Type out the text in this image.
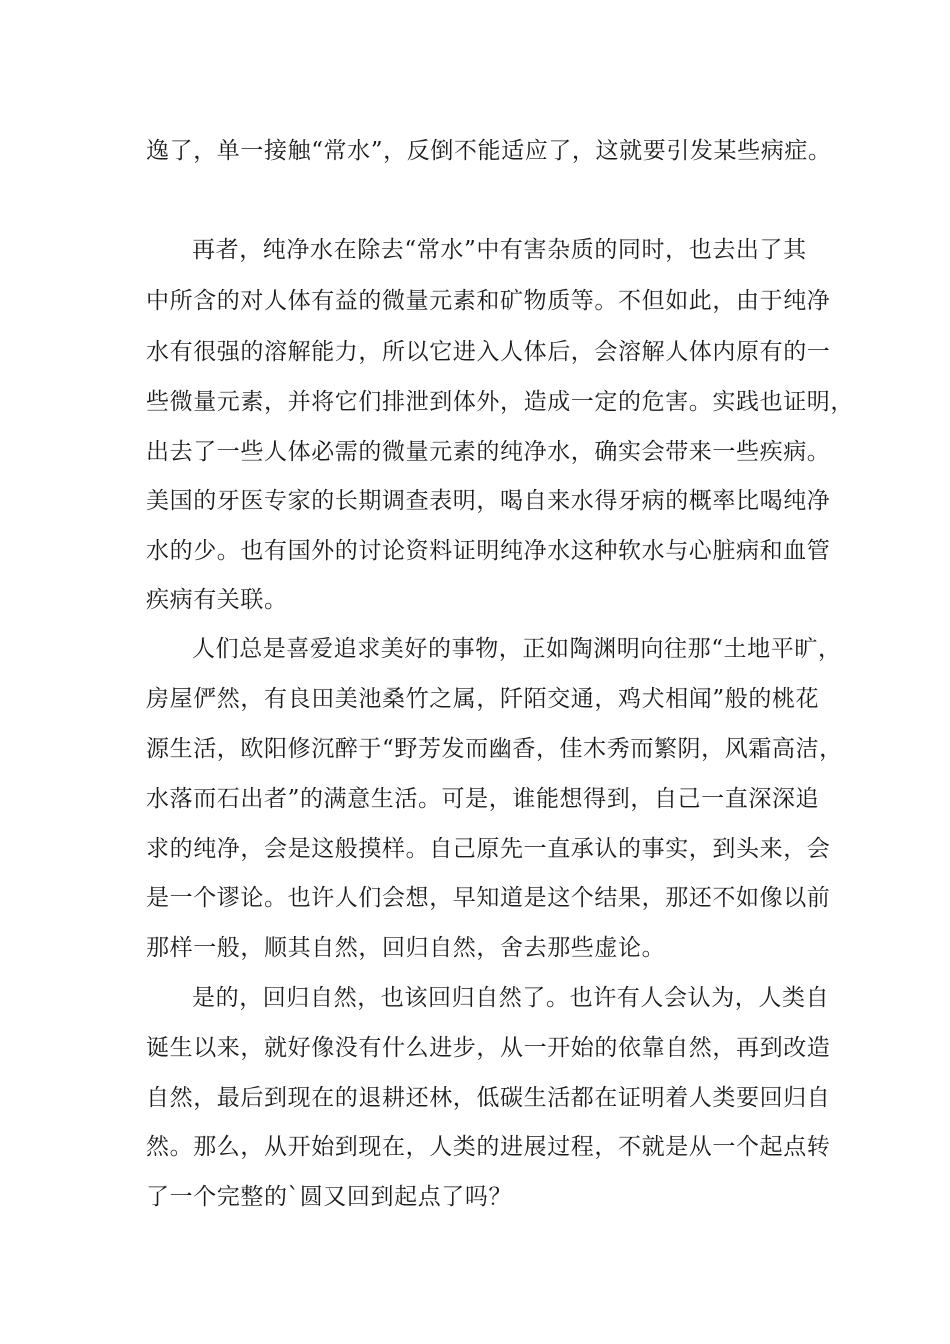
逸了，单一接触“常水”，反倒不能适应了，这就要引发某些病症。
再者，纯净水在除去“常水”中有害杂质的同时，也去出了其
中所含的对人体有益的微量元素和矿物质等。不但如此，由于纯净
水有很强的溶解能力，所以它进入人体后，会溶解人体内原有的一
些微量元素，并将它们排泄到体外，造成一定的危害。实践也证明，
出去了一些人体必需的微量元素的纯净水，确实会带来一些疾病。
美国的牙医专家的长期调查表明，喝自来水得牙病的概率比喝纯净
水的少。也有国外的讨论资料证明纯净水这种软水与心脏病和血管
疾病有关联。
人们总是喜爱追求美好的事物，正如陶渊明向往那“土地平旷，
房屋俨然，有良田美池桑竹之属，阡陌交通，鸡犬相闻”般的桃花
源生活，欧阳修沉醉于“野芳发而幽香，佳木秀而繁阴，风霜高洁，
水落而石出者”的满意生活。可是，谁能想得到，自己一直深深追
求的纯净，会是这般摸样。自己原先一直承认的事实，到头来，会
是一个谬论。也许人们会想，早知道是这个结果，那还不如像以前
那样一般，顺其自然，回归自然，舍去那些虚论。
是的，回归自然，也该回归自然了。也许有人会认为，人类自
诞生以来，就好像没有什么进步，从一开始的依靠自然，再到改造
自然，最后到现在的退耕还林，低碳生活都在证明着人类要回归自
然。那么，从开始到现在，人类的进展过程，不就是从一个起点转
了一个完整的`圆又回到起点了吗？
